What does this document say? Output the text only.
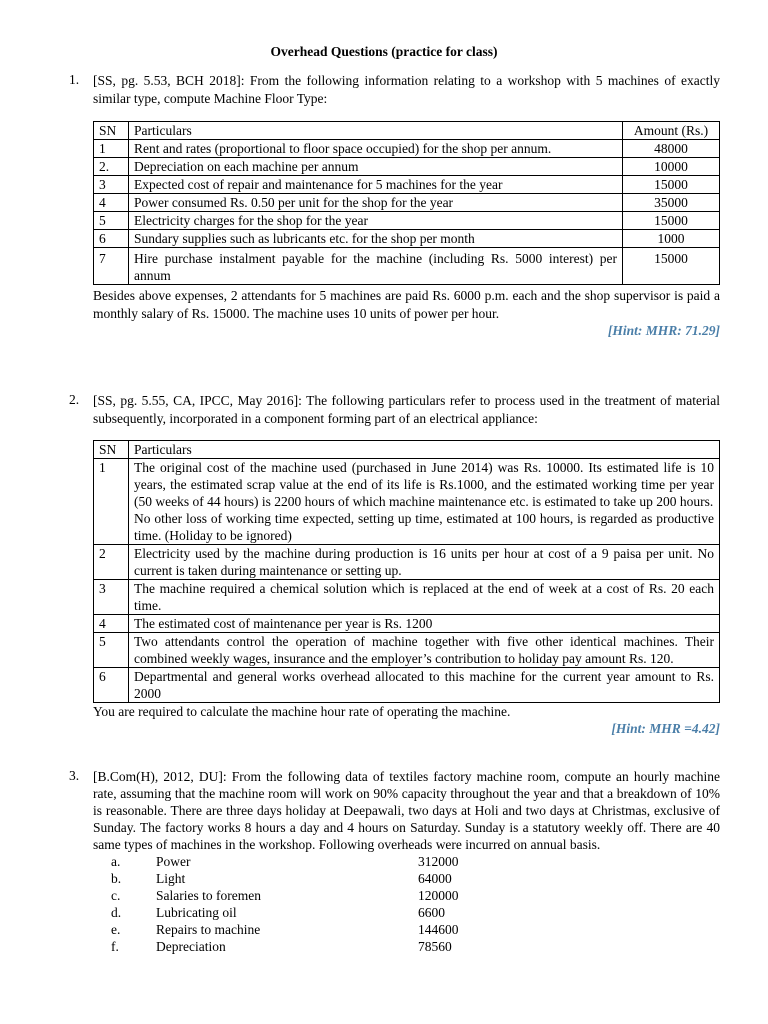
Overhead Questions (practice for class)
1. [SS, pg. 5.53, BCH 2018]: From the following information relating to a workshop with 5 machines of exactly similar type, compute Machine Floor Type:
SN	Particulars	Amount (Rs.)
1	Rent and rates (proportional to floor space occupied) for the shop per annum.	48000
2.	Depreciation on each machine per annum	10000
3	Expected cost of repair and maintenance for 5 machines for the year	15000
4	Power consumed Rs. 0.50 per unit for the shop for the year	35000
5	Electricity charges for the shop for the year	15000
6	Sundary supplies such as lubricants etc. for the shop per month	1000
7	Hire purchase instalment payable for the machine (including Rs. 5000 interest) per annum	15000
Besides above expenses, 2 attendants for 5 machines are paid Rs. 6000 p.m. each and the shop supervisor is paid a monthly salary of Rs. 15000. The machine uses 10 units of power per hour.
[Hint: MHR: 71.29]
2. [SS, pg. 5.55, CA, IPCC, May 2016]: The following particulars refer to process used in the treatment of material subsequently, incorporated in a component forming part of an electrical appliance:
SN	Particulars
1	The original cost of the machine used (purchased in June 2014) was Rs. 10000. Its estimated life is 10 years, the estimated scrap value at the end of its life is Rs.1000, and the estimated working time per year (50 weeks of 44 hours) is 2200 hours of which machine maintenance etc. is estimated to take up 200 hours.
No other loss of working time expected, setting up time, estimated at 100 hours, is regarded as productive time. (Holiday to be ignored)

2	Electricity used by the machine during production is 16 units per hour at cost of a 9 paisa per unit. No current is taken during maintenance or setting up.
3	The machine required a chemical solution which is replaced at the end of week at a cost of Rs. 20 each time.
4	The estimated cost of maintenance per year is Rs. 1200
5	Two attendants control the operation of machine together with five other identical machines. Their combined weekly wages, insurance and the employer’s contribution to holiday pay amount Rs. 120.
6	Departmental and general works overhead allocated to this machine for the current year amount to Rs. 2000
You are required to calculate the machine hour rate of operating the machine.
[Hint: MHR =4.42]
3. [B.Com(H), 2012, DU]: From the following data of textiles factory machine room, compute an hourly machine rate, assuming that the machine room will work on 90% capacity throughout the year and that a breakdown of 10% is reasonable. There are three days holiday at Deepawali, two days at Holi and two days at Christmas, exclusive of Sunday. The factory works 8 hours a day and 4 hours on Saturday. Sunday is a statutory weekly off. There are 40 same types of machines in the workshop. Following overheads were incurred on annual basis.
a.	Power	312000
b.	Light	64000
c.	Salaries to foremen	120000
d.	Lubricating oil	6600
e.	Repairs to machine	144600
f.	Depreciation	78560
